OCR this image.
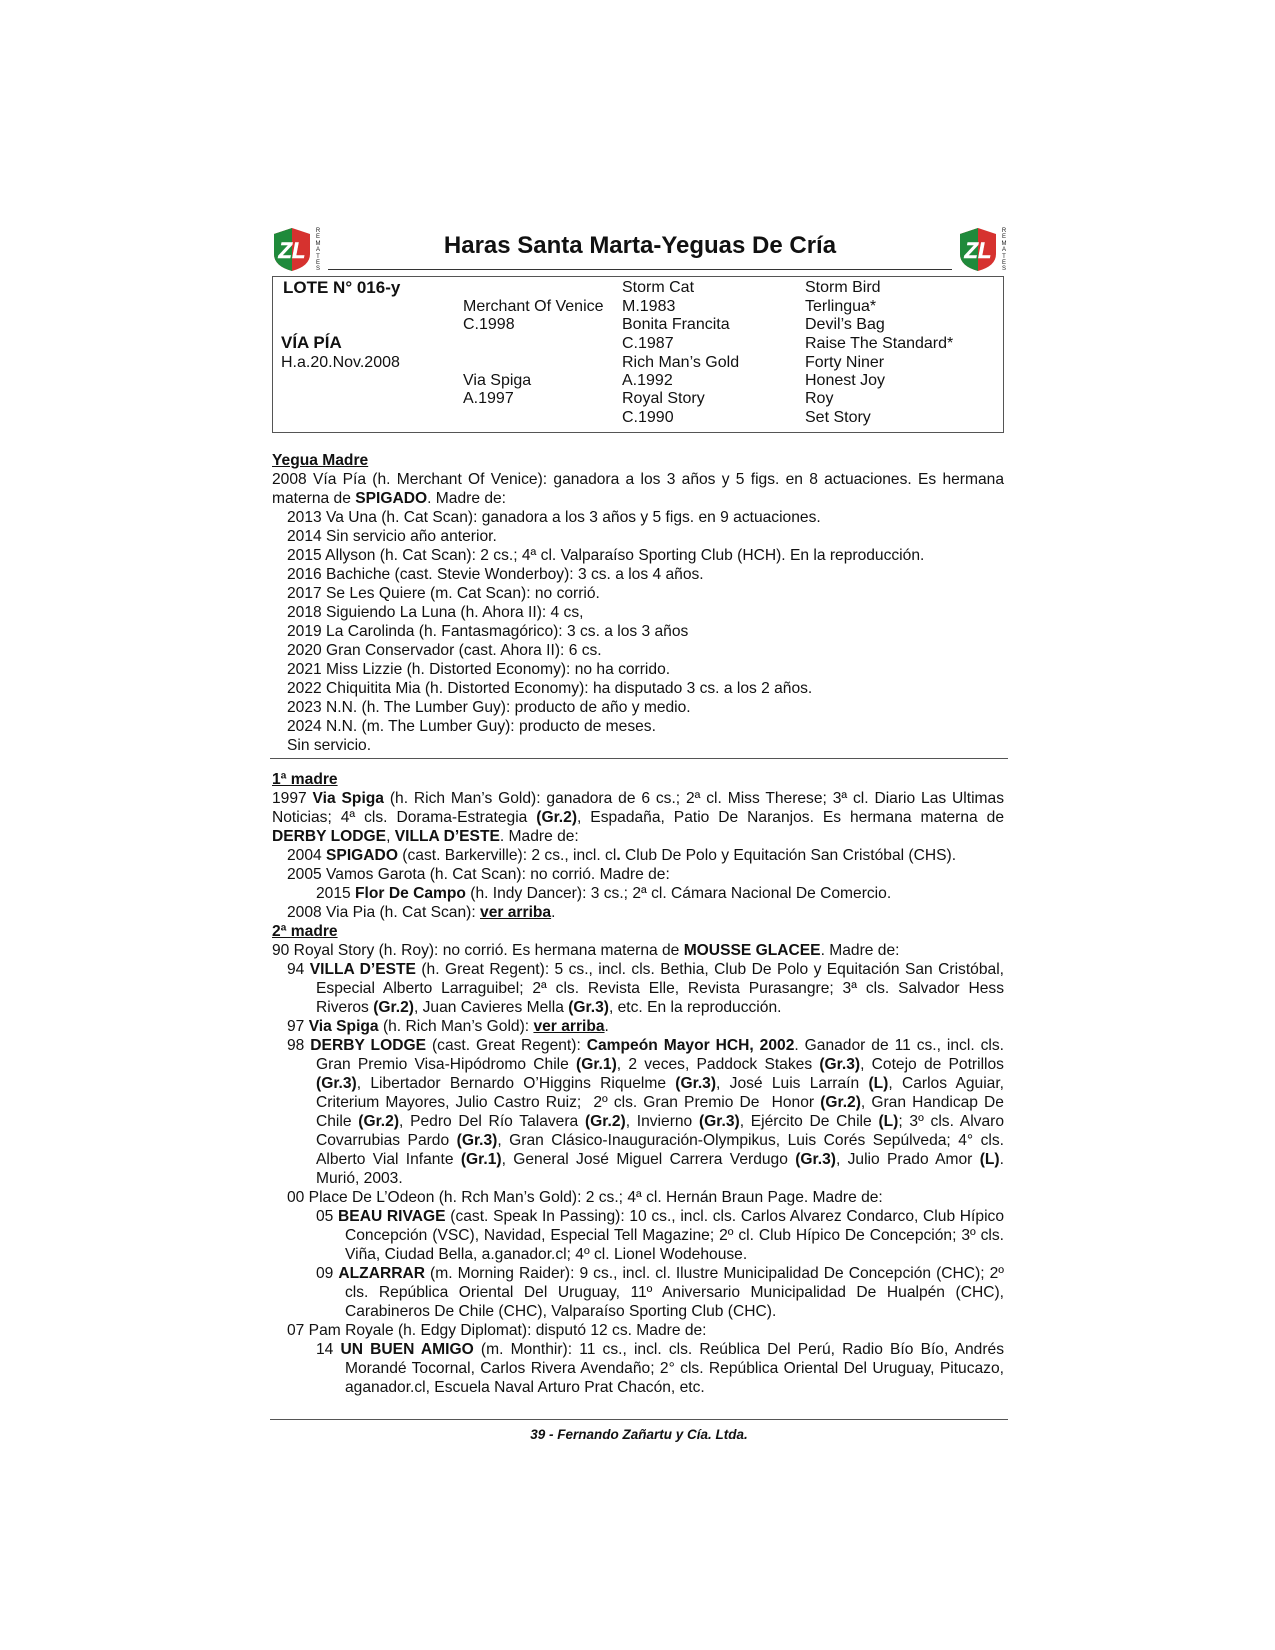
ZL
R
E
M
A
T
E
S
Haras Santa Marta-Yeguas De Cría	ZL
R
E
M
A
T
E
S
LOTE N° 016-y
VÍA PÍA
H.a.20.Nov.2008
Merchant Of Venice
C.1998
Via Spiga
A.1997
Storm Cat
M.1983
Bonita Francita
C.1987
Rich Man’s Gold
A.1992
Royal Story
C.1990
Storm Bird
Terlingua*
Devil’s Bag
Raise The Standard*
Forty Niner
Honest Joy
Roy
Set Story
Yegua Madre
2008 Vía Pía (h. Merchant Of Venice): ganadora a los 3 años y 5 figs. en 8 actuaciones. Es hermana materna de SPIGADO. Madre de:
2013 Va Una (h. Cat Scan): ganadora a los 3 años y 5 figs. en 9 actuaciones.
2014 Sin servicio año anterior.
2015 Allyson (h. Cat Scan): 2 cs.; 4ª cl. Valparaíso Sporting Club (HCH). En la reproducción.
2016 Bachiche (cast. Stevie Wonderboy): 3 cs. a los 4 años.
2017 Se Les Quiere (m. Cat Scan): no corrió.
2018 Siguiendo La Luna (h. Ahora II): 4 cs,
2019 La Carolinda (h. Fantasmagórico): 3 cs. a los 3 años
2020 Gran Conservador (cast. Ahora II): 6 cs.
2021 Miss Lizzie (h. Distorted Economy): no ha corrido.
2022 Chiquitita Mia (h. Distorted Economy): ha disputado 3 cs. a los 2 años.
2023 N.N. (h. The Lumber Guy): producto de año y medio.
2024 N.N. (m. The Lumber Guy): producto de meses.
Sin servicio.
1ª madre
1997 Via Spiga (h. Rich Man’s Gold): ganadora de 6 cs.; 2ª cl. Miss Therese; 3ª cl. Diario Las Ultimas Noticias; 4ª cls. Dorama-Estrategia (Gr.2), Espadaña, Patio De Naranjos. Es hermana materna de DERBY LODGE, VILLA D’ESTE. Madre de:
2004 SPIGADO (cast. Barkerville): 2 cs., incl. cl. Club De Polo y Equitación San Cristóbal (CHS).
2005 Vamos Garota (h. Cat Scan): no corrió. Madre de:
2015 Flor De Campo (h. Indy Dancer): 3 cs.; 2ª cl. Cámara Nacional De Comercio.
2008 Via Pia (h. Cat Scan): ver arriba.
2ª madre
90 Royal Story (h. Roy): no corrió. Es hermana materna de MOUSSE GLACEE. Madre de:
94 VILLA D’ESTE (h. Great Regent): 5 cs., incl. cls. Bethia, Club De Polo y Equitación San Cristóbal, Especial Alberto Larraguibel; 2ª cls. Revista Elle, Revista Purasangre; 3ª cls. Salvador Hess Riveros (Gr.2), Juan Cavieres Mella (Gr.3), etc. En la reproducción.
97 Via Spiga (h. Rich Man’s Gold): ver arriba.
98 DERBY LODGE (cast. Great Regent): Campeón Mayor HCH, 2002. Ganador de 11 cs., incl. cls. Gran Premio Visa-Hipódromo Chile (Gr.1), 2 veces, Paddock Stakes (Gr.3), Cotejo de Potrillos (Gr.3), Libertador Bernardo O’Higgins Riquelme (Gr.3), José Luis Larraín (L), Carlos Aguiar, Criterium Mayores, Julio Castro Ruiz;  2º cls. Gran Premio De  Honor (Gr.2), Gran Handicap De Chile (Gr.2), Pedro Del Río Talavera (Gr.2), Invierno (Gr.3), Ejército De Chile (L); 3º cls. Alvaro Covarrubias Pardo (Gr.3), Gran Clásico-Inauguración-Olympikus, Luis Corés Sepúlveda; 4° cls. Alberto Vial Infante (Gr.1), General José Miguel Carrera Verdugo (Gr.3), Julio Prado Amor (L). Murió, 2003.
00 Place De L’Odeon (h. Rch Man’s Gold): 2 cs.; 4ª cl. Hernán Braun Page. Madre de:
05 BEAU RIVAGE (cast. Speak In Passing): 10 cs., incl. cls. Carlos Alvarez Condarco, Club Hípico Concepción (VSC), Navidad, Especial Tell Magazine; 2º cl. Club Hípico De Concepción; 3º cls. Viña, Ciudad Bella, a.ganador.cl; 4º cl. Lionel Wodehouse.
09 ALZARRAR (m. Morning Raider): 9 cs., incl. cl. Ilustre Municipalidad De Concepción (CHC); 2º cls. República Oriental Del Uruguay, 11º Aniversario Municipalidad De Hualpén (CHC), Carabineros De Chile (CHC), Valparaíso Sporting Club (CHC).
07 Pam Royale (h. Edgy Diplomat): disputó 12 cs. Madre de:
14 UN BUEN AMIGO (m. Monthir): 11 cs., incl. cls. Reública Del Perú, Radio Bío Bío, Andrés Morandé Tocornal, Carlos Rivera Avendaño; 2° cls. República Oriental Del Uruguay, Pitucazo, aganador.cl, Escuela Naval Arturo Prat Chacón, etc.
39 - Fernando Zañartu y Cía. Ltda.
